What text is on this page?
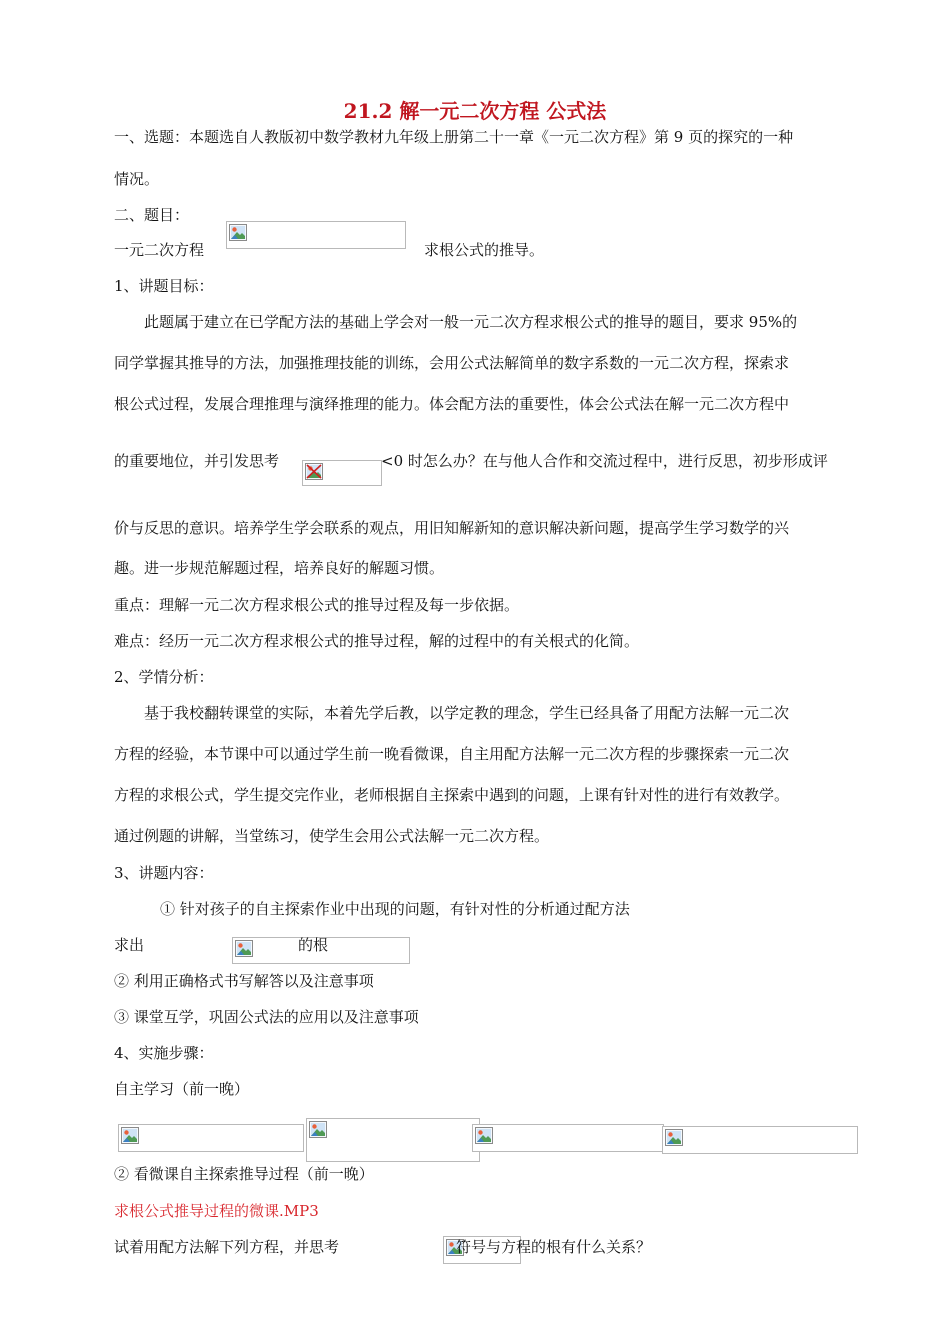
21.2 解一元二次方程 公式法
一、选题：本题选自人教版初中数学教材九年级上册第二十一章《一元二次方程》第 9 页的探究的一种
情况。
二、题目：
一元二次方程	求根公式的推导。
1、讲题目标：
此题属于建立在已学配方法的基础上学会对一般一元二次方程求根公式的推导的题目，要求 95%的
同学掌握其推导的方法，加强推理技能的训练，会用公式法解简单的数字系数的一元二次方程，探索求
根公式过程，发展合理推理与演绎推理的能力。体会配方法的重要性，体会公式法在解一元二次方程中
的重要地位，并引发思考	<0 时怎么办？在与他人合作和交流过程中，进行反思，初步形成评
价与反思的意识。培养学生学会联系的观点，用旧知解新知的意识解决新问题，提高学生学习数学的兴
趣。进一步规范解题过程，培养良好的解题习惯。
重点：理解一元二次方程求根公式的推导过程及每一步依据。
难点：经历一元二次方程求根公式的推导过程，解的过程中的有关根式的化简。
2、学情分析：
基于我校翻转课堂的实际，本着先学后教，以学定教的理念，学生已经具备了用配方法解一元二次
方程的经验，本节课中可以通过学生前一晚看微课，自主用配方法解一元二次方程的步骤探索一元二次
方程的求根公式，学生提交完作业，老师根据自主探索中遇到的问题，上课有针对性的进行有效教学。
通过例题的讲解，当堂练习，使学生会用公式法解一元二次方程。
3、讲题内容：
① 针对孩子的自主探索作业中出现的问题，有针对性的分析通过配方法
求出	的根
② 利用正确格式书写解答以及注意事项
③ 课堂互学，巩固公式法的应用以及注意事项
4、实施步骤：
自主学习（前一晚）
② 看微课自主探索推导过程（前一晚）
求根公式推导过程的微课.MP3
试着用配方法解下列方程，并思考	符号与方程的根有什么关系？
